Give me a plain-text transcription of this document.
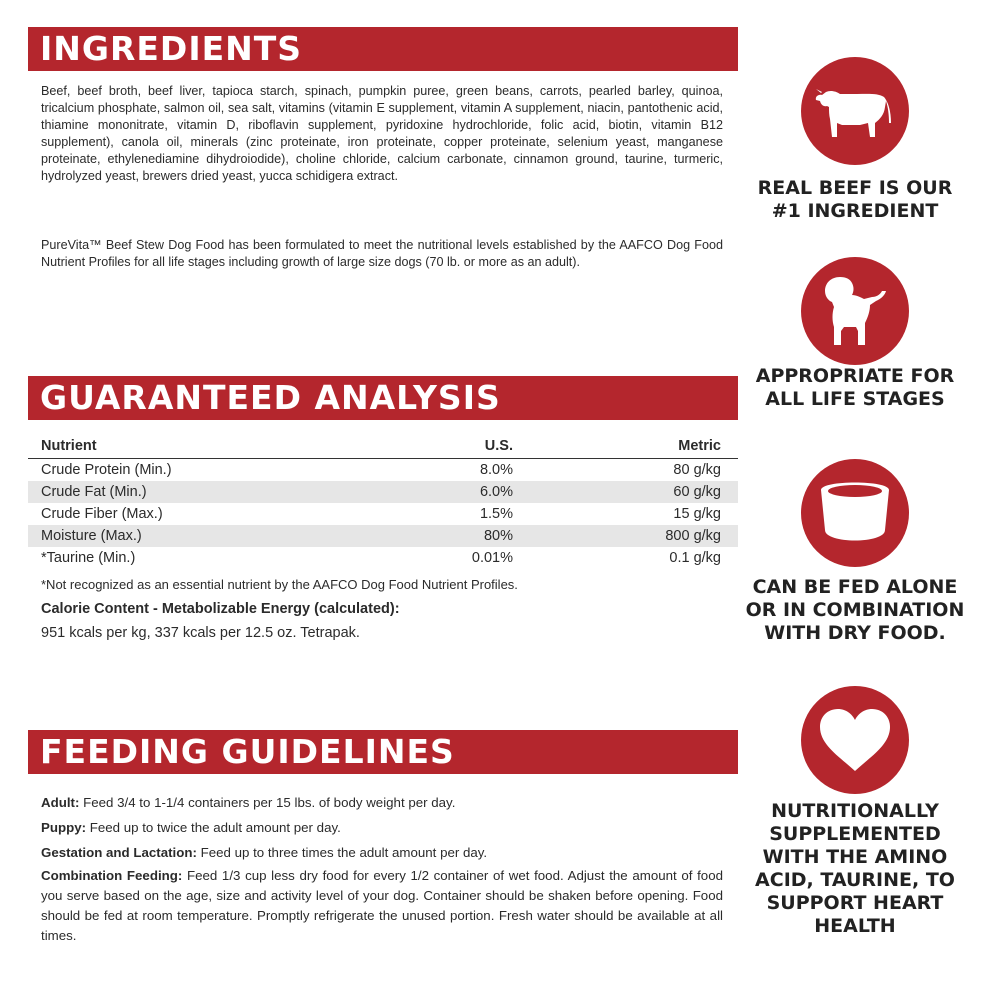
INGREDIENTS

Beef, beef broth, beef liver, tapioca starch, spinach, pumpkin puree, green beans, carrots, pearled barley, quinoa, tricalcium phosphate, salmon oil, sea salt, vitamins (vitamin E supplement, vitamin A supplement, niacin, pantothenic acid, thiamine mononitrate, vitamin D, riboflavin supplement, pyridoxine hydrochloride, folic acid, biotin, vitamin B12 supplement), canola oil, minerals (zinc proteinate, iron proteinate, copper proteinate, selenium yeast, manganese proteinate, ethylenediamine dihydroiodide), choline chloride, calcium carbonate, cinnamon ground, taurine, turmeric, hydrolyzed yeast, brewers dried yeast, yucca schidigera extract.

PureVita™ Beef Stew Dog Food has been formulated to meet the nutritional levels established by the AAFCO Dog Food Nutrient Profiles for all life stages including growth of large size dogs (70 lb. or more as an adult).

GUARANTEED ANALYSIS
Nutrient	U.S.	Metric
Crude Protein (Min.)	8.0%	80 g/kg
Crude Fat (Min.)	6.0%	60 g/kg
Crude Fiber (Max.)	1.5%	15 g/kg
Moisture (Max.)	80%	800 g/kg
*Taurine (Min.)	0.01%	0.1 g/kg
*Not recognized as an essential nutrient by the AAFCO Dog Food Nutrient Profiles.
Calorie Content - Metabolizable Energy (calculated):
951 kcals per kg, 337 kcals per 12.5 oz. Tetrapak.
FEEDING GUIDELINES

Adult: Feed 3/4 to 1-1/4 containers per 15 lbs. of body weight per day.

Puppy: Feed up to twice the adult amount per day.

Gestation and Lactation: Feed up to three times the adult amount per day.

Combination Feeding: Feed 1/3 cup less dry food for every 1/2 container of wet food. Adjust the amount of food you serve based on the age, size and activity level of your dog. Container should be shaken before opening. Food should be fed at room temperature. Promptly refrigerate the unused portion. Fresh water should be available at all times.

REAL BEEF IS OUR #1 INGREDIENT
APPROPRIATE FOR ALL LIFE STAGES
CAN BE FED ALONE OR IN COMBINATION WITH DRY FOOD.
NUTRITIONALLY SUPPLEMENTED WITH THE AMINO ACID, TAURINE, TO SUPPORT HEART HEALTH
